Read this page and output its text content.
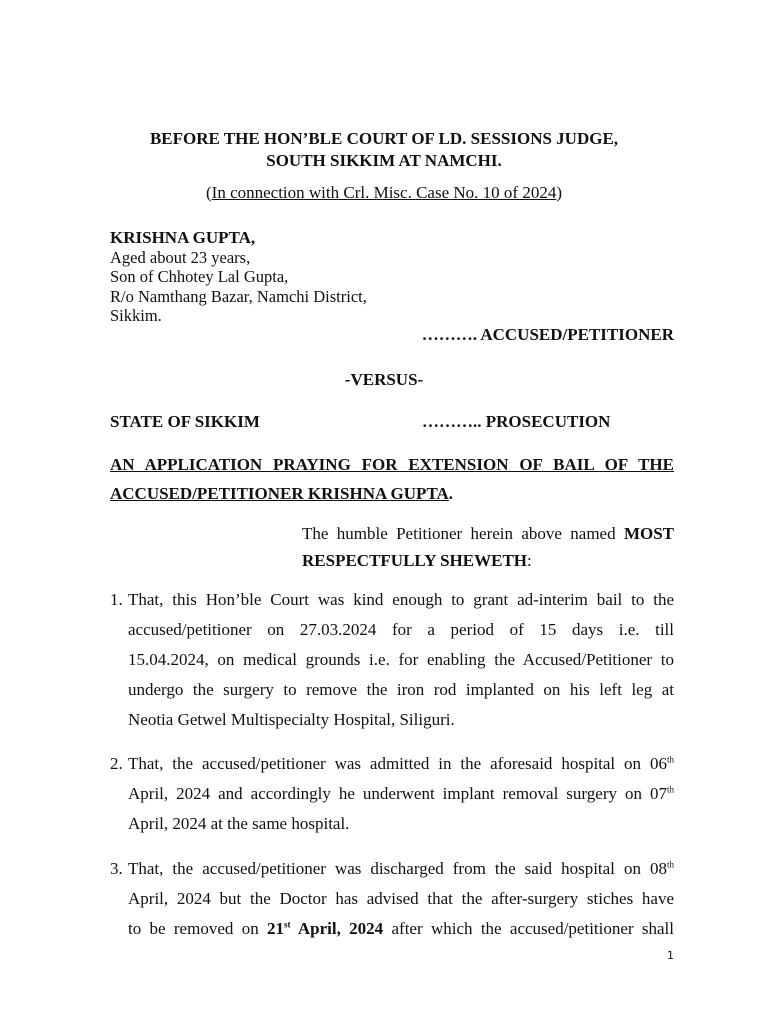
BEFORE THE HON’BLE COURT OF LD. SESSIONS JUDGE,
SOUTH SIKKIM AT NAMCHI.
(In connection with Crl. Misc. Case No. 10 of 2024)
KRISHNA GUPTA,
Aged about 23 years,
Son of Chhotey Lal Gupta,
R/o Namthang Bazar, Namchi District,
Sikkim.
………. ACCUSED/PETITIONER
-VERSUS-
STATE OF SIKKIM	……….. PROSECUTION
AN APPLICATION PRAYING FOR EXTENSION OF BAIL OF THE
ACCUSED/PETITIONER KRISHNA GUPTA.
The humble Petitioner herein above named MOST
RESPECTFULLY SHEWETH:
1. That, this Hon’ble Court was kind enough to grant ad-interim bail to the
accused/petitioner on 27.03.2024 for a period of 15 days i.e. till
15.04.2024, on medical grounds i.e. for enabling the Accused/Petitioner to
undergo the surgery to remove the iron rod implanted on his left leg at
Neotia Getwel Multispecialty Hospital, Siliguri.
2. That, the accused/petitioner was admitted in the aforesaid hospital on 06th
April, 2024 and accordingly he underwent implant removal surgery on 07th
April, 2024 at the same hospital.
3. That, the accused/petitioner was discharged from the said hospital on 08th
April, 2024 but the Doctor has advised that the after-surgery stiches have
to be removed on 21st April, 2024 after which the accused/petitioner shall
1
